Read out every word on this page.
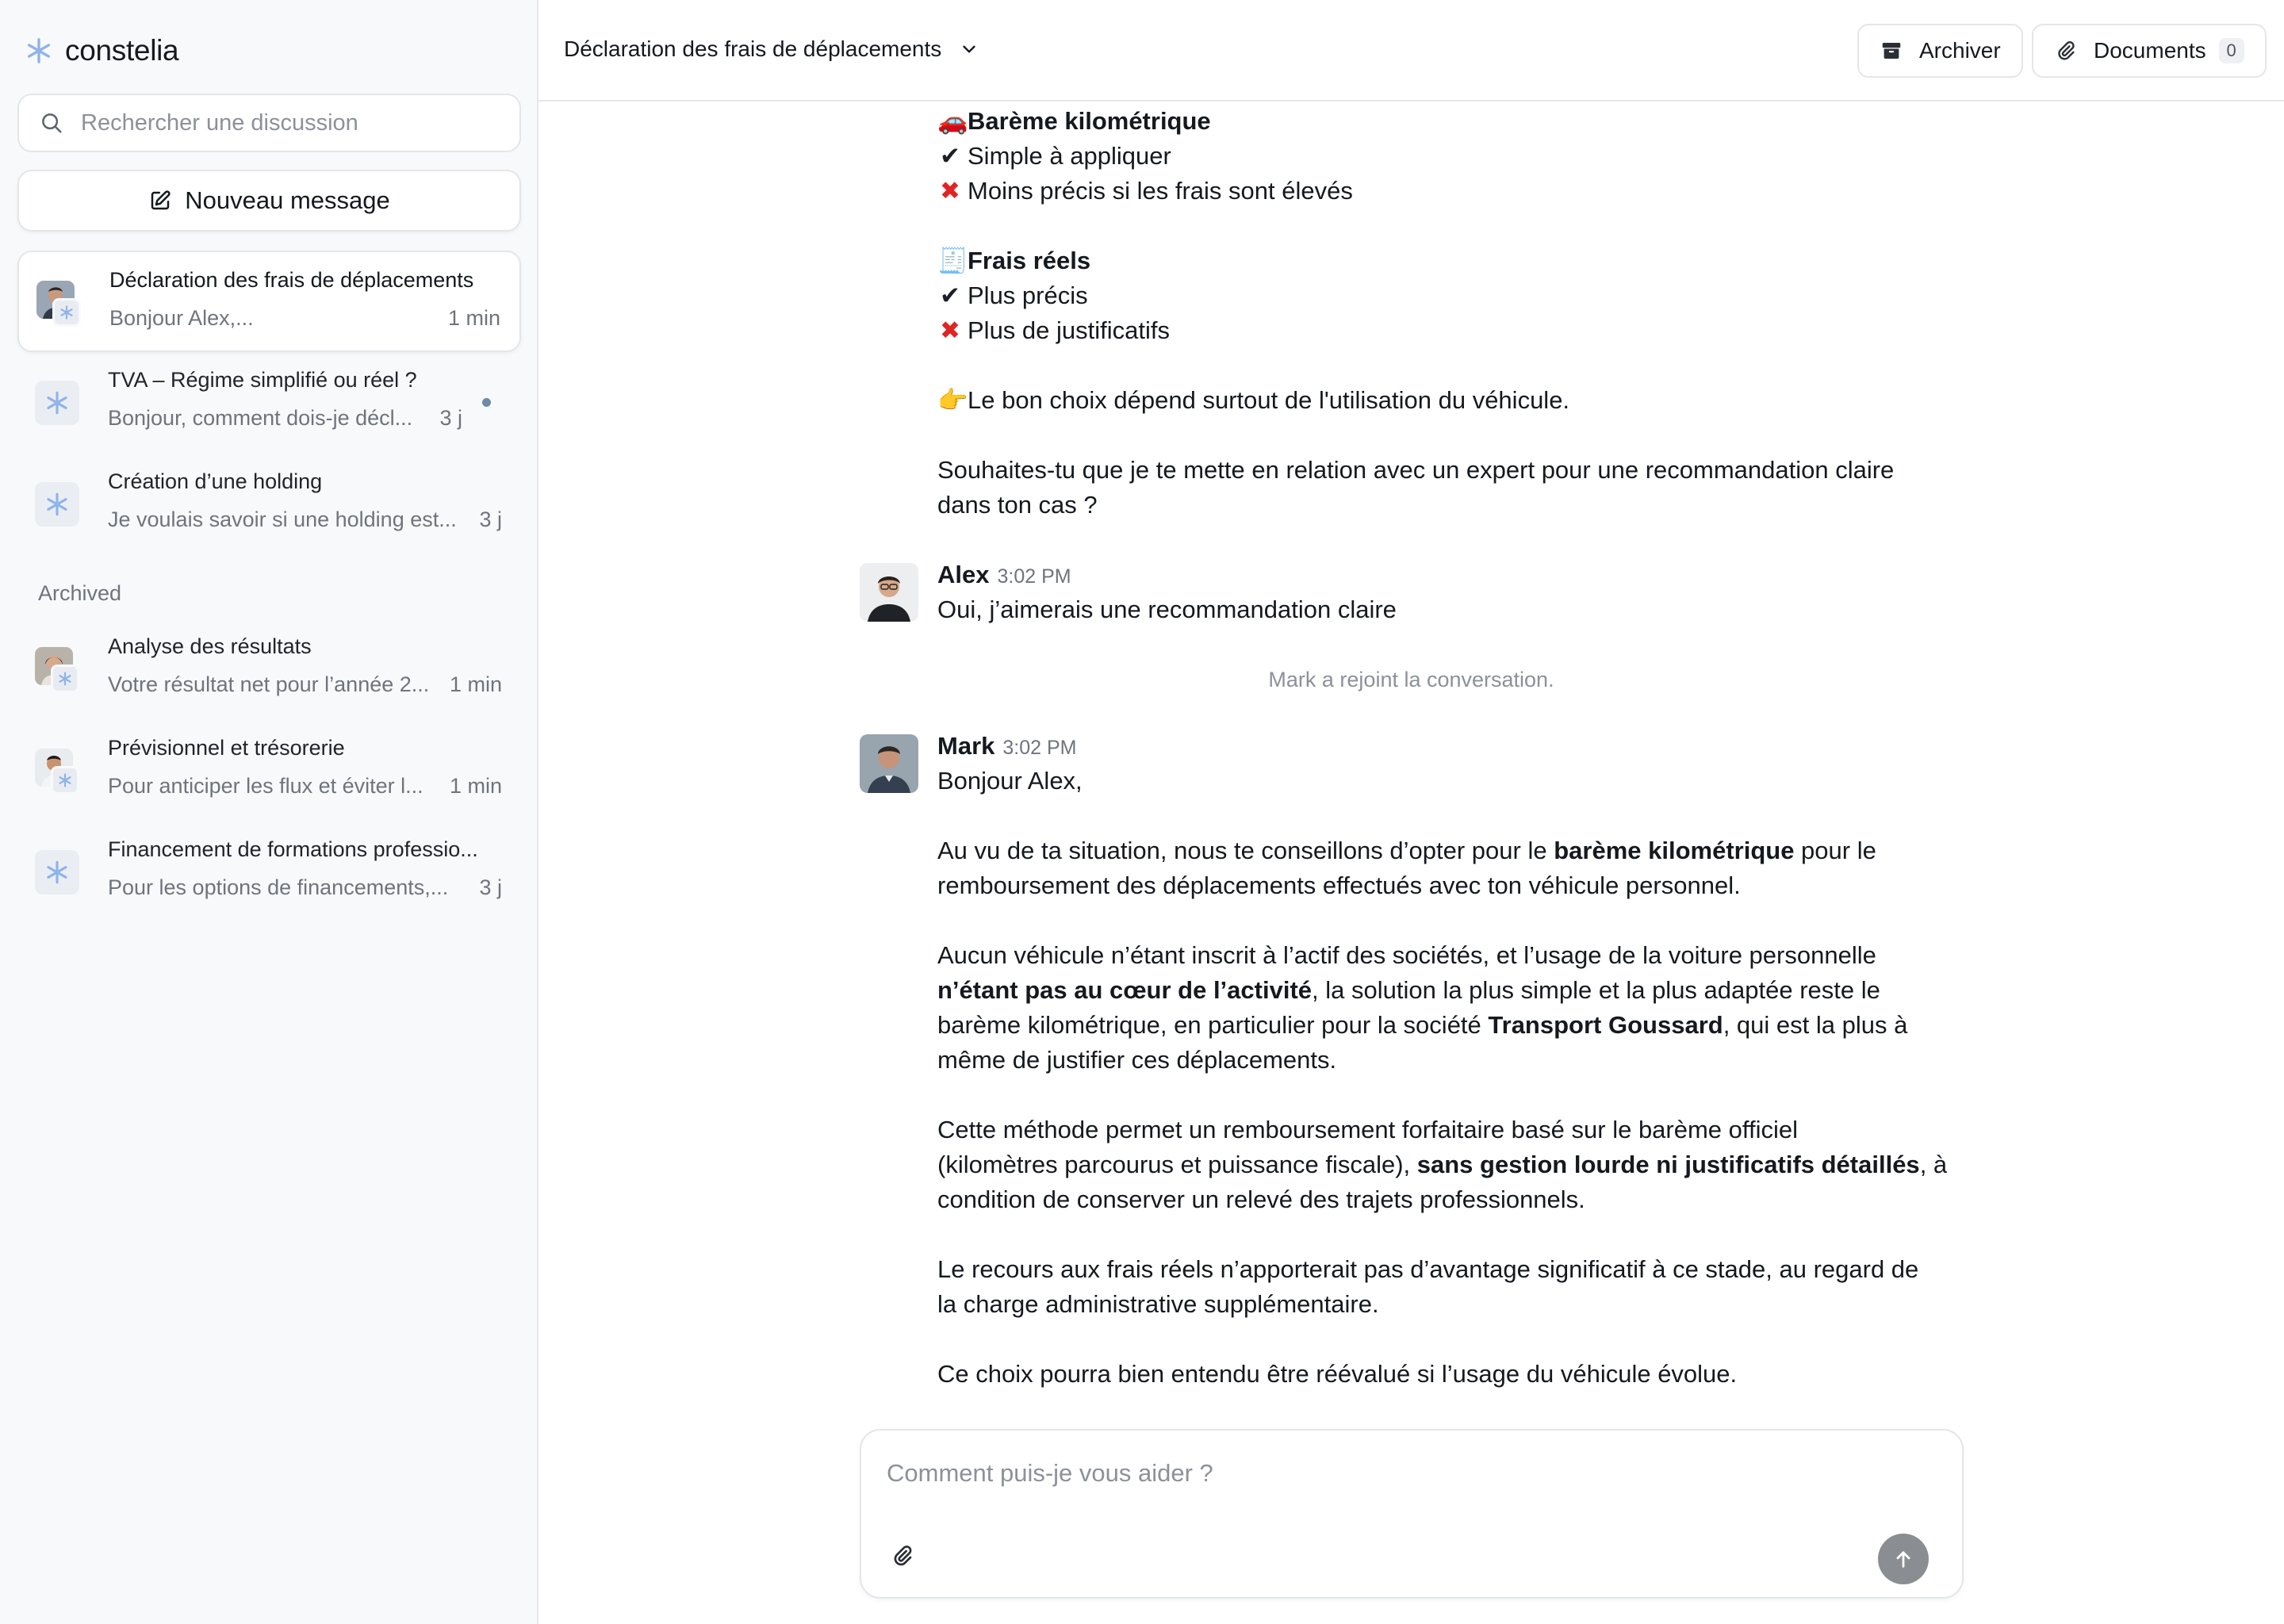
constelia
Rechercher une discussion
Nouveau message
Déclaration des frais de déplacements
Bonjour Alex,...	1 min
TVA – Régime simplifié ou réel ?
Bonjour, comment dois-je décl... 3 j
Création d’une holding
Je voulais savoir si une holding est... 3 j
Archived
Analyse des résultats
Votre résultat net pour l’année 2... 1 min
Prévisionnel et trésorerie
Pour anticiper les flux et éviter l... 1 min
Financement de formations professio...
Pour les options de financements,... 3 j
Déclaration des frais de déplacements	Archiver	Documents	0
🚗Barème kilométrique
✔ Simple à appliquer
✖ Moins précis si les frais sont élevés
🧾Frais réels
✔ Plus précis
✖ Plus de justificatifs
👉Le bon choix dépend surtout de l'utilisation du véhicule.
Souhaites-tu que je te mette en relation avec un expert pour une recommandation claire
dans ton cas ?
Alex 3:02 PM
Oui, j’aimerais une recommandation claire
Mark a rejoint la conversation.
Mark 3:02 PM
Bonjour Alex,
Au vu de ta situation, nous te conseillons d’opter pour le barème kilométrique pour le
remboursement des déplacements effectués avec ton véhicule personnel.
Aucun véhicule n’étant inscrit à l’actif des sociétés, et l’usage de la voiture personnelle
n’étant pas au cœur de l’activité, la solution la plus simple et la plus adaptée reste le
barème kilométrique, en particulier pour la société Transport Goussard, qui est la plus à
même de justifier ces déplacements.
Cette méthode permet un remboursement forfaitaire basé sur le barème officiel
(kilomètres parcourus et puissance fiscale), sans gestion lourde ni justificatifs détaillés, à
condition de conserver un relevé des trajets professionnels.
Le recours aux frais réels n’apporterait pas d’avantage significatif à ce stade, au regard de
la charge administrative supplémentaire.
Ce choix pourra bien entendu être réévalué si l’usage du véhicule évolue.
Comment puis-je vous aider ?
